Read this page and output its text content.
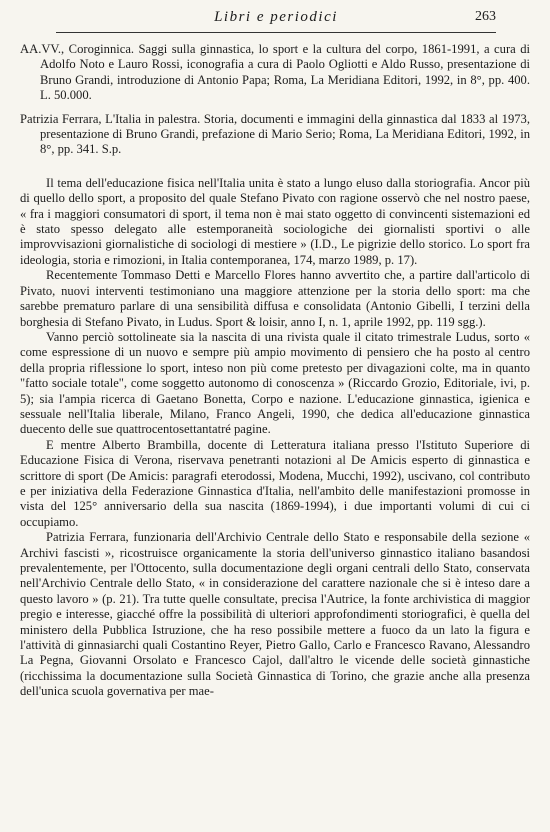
Libri e periodici	263
AA.VV., Coroginnica. Saggi sulla ginnastica, lo sport e la cultura del corpo, 1861-1991, a cura di Adolfo Noto e Lauro Rossi, iconografia a cura di Paolo Ogliotti e Aldo Russo, presentazione di Bruno Grandi, introduzione di Antonio Papa; Roma, La Meridiana Editori, 1992, in 8°, pp. 400. L. 50.000.
Patrizia Ferrara, L'Italia in palestra. Storia, documenti e immagini della ginnastica dal 1833 al 1973, presentazione di Bruno Grandi, prefazione di Mario Serio; Roma, La Meridiana Editori, 1992, in 8°, pp. 341. S.p.

Il tema dell'educazione fisica nell'Italia unita è stato a lungo eluso dalla storiografia. Ancor più di quello dello sport, a proposito del quale Stefano Pivato con ragione osservò che nel nostro paese, « fra i maggiori consumatori di sport, il tema non è mai stato oggetto di convincenti sistemazioni ed è stato spesso delegato alle estemporaneità sociologiche dei giornalisti sportivi o alle improvvisazioni giornalistiche di sociologi di mestiere » (I.D., Le pigrizie dello storico. Lo sport fra ideologia, storia e rimozioni, in Italia contemporanea, 174, marzo 1989, p. 17).

Recentemente Tommaso Detti e Marcello Flores hanno avvertito che, a partire dall'articolo di Pivato, nuovi interventi testimoniano una maggiore attenzione per la storia dello sport: ma che sarebbe prematuro parlare di una sensibilità diffusa e consolidata (Antonio Gibelli, I terzini della borghesia di Stefano Pivato, in Ludus. Sport & loisir, anno I, n. 1, aprile 1992, pp. 119 sgg.).

Vanno perciò sottolineate sia la nascita di una rivista quale il citato trimestrale Ludus, sorto « come espressione di un nuovo e sempre più ampio movimento di pensiero che ha posto al centro della propria riflessione lo sport, inteso non più come pretesto per divagazioni colte, ma in quanto "fatto sociale totale", come soggetto autonomo di conoscenza » (Riccardo Grozio, Editoriale, ivi, p. 5); sia l'ampia ricerca di Gaetano Bonetta, Corpo e nazione. L'educazione ginnastica, igienica e sessuale nell'Italia liberale, Milano, Franco Angeli, 1990, che dedica all'educazione ginnastica duecento delle sue quattrocentosettantatré pagine.

E mentre Alberto Brambilla, docente di Letteratura italiana presso l'Istituto Superiore di Educazione Fisica di Verona, riservava penetranti notazioni al De Amicis esperto di ginnastica e scrittore di sport (De Amicis: paragrafi eterodossi, Modena, Mucchi, 1992), uscivano, col contributo e per iniziativa della Federazione Ginnastica d'Italia, nell'ambito delle manifestazioni promosse in vista del 125° anniversario della sua nascita (1869-1994), i due importanti volumi di cui ci occupiamo.

Patrizia Ferrara, funzionaria dell'Archivio Centrale dello Stato e responsabile della sezione « Archivi fascisti », ricostruisce organicamente la storia dell'universo ginnastico italiano basandosi prevalentemente, per l'Ottocento, sulla documentazione degli organi centrali dello Stato, conservata nell'Archivio Centrale dello Stato, « in considerazione del carattere nazionale che si è inteso dare a questo lavoro » (p. 21). Tra tutte quelle consultate, precisa l'Autrice, la fonte archivistica di maggior pregio e interesse, giacché offre la possibilità di ulteriori approfondimenti storiografici, è quella del ministero della Pubblica Istruzione, che ha reso possibile mettere a fuoco da un lato la figura e l'attività di ginnasiarchi quali Costantino Reyer, Pietro Gallo, Carlo e Francesco Ravano, Alessandro La Pegna, Giovanni Orsolato e Francesco Cajol, dall'altro le vicende delle società ginnastiche (ricchissima la documentazione sulla Società Ginnastica di Torino, che grazie anche alla presenza dell'unica scuola governativa per mae-
